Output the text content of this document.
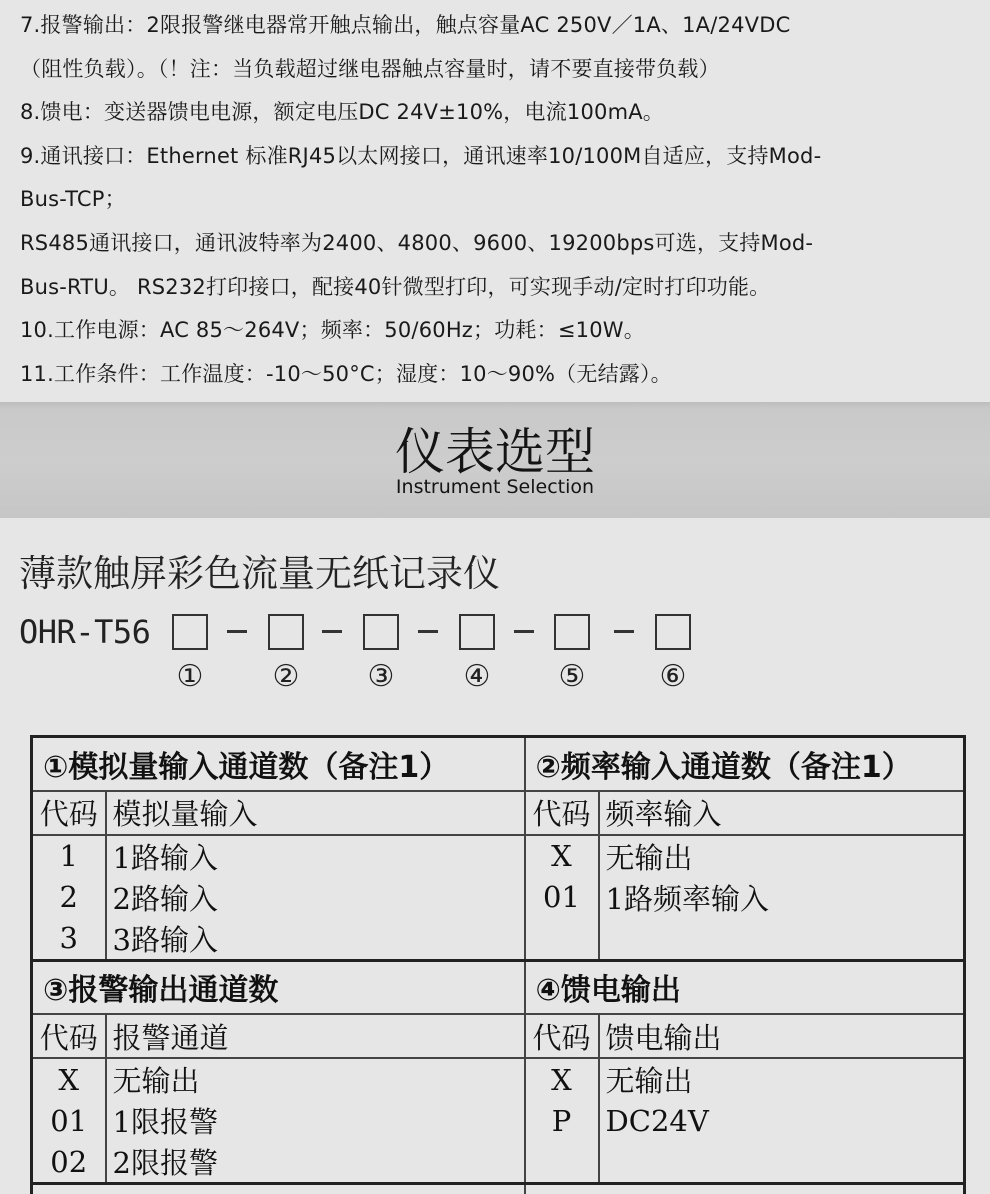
7.报警输出：2限报警继电器常开触点输出，触点容量AC 250V／1A、1A/24VDC
（阻性负载）。（！注：当负载超过继电器触点容量时，请不要直接带负载）
8.馈电：变送器馈电电源，额定电压DC 24V±10%，电流100mA。
9.通讯接口：Ethernet 标准RJ45以太网接口，通讯速率10/100M自适应，支持Mod-
Bus-TCP；
RS485通讯接口，通讯波特率为2400、4800、9600、19200bps可选，支持Mod-
Bus-RTU。 RS232打印接口，配接40针微型打印，可实现手动/定时打印功能。
10.工作电源：AC 85～264V；频率：50/60Hz；功耗：≤10W。
11.工作条件：工作温度：-10～50°C；湿度：10～90%（无结露）。
仪表选型
Instrument Selection
薄款触屏彩色流量无纸记录仪
OHR-T56
① ② ③ ④ ⑤ ⑥
①模拟量输入通道数（备注1）		②频率输入通道数（备注1）	
代码	模拟量输入	代码	频率输入
1	1路输入	X	无输出
2	2路输入	01	1路频率输入
3	3路输入		
③报警输出通道数		④馈电输出	
代码	报警通道	代码	馈电输出
X	无输出	X	无输出
01	1限报警	P	DC24V
02	2限报警		
